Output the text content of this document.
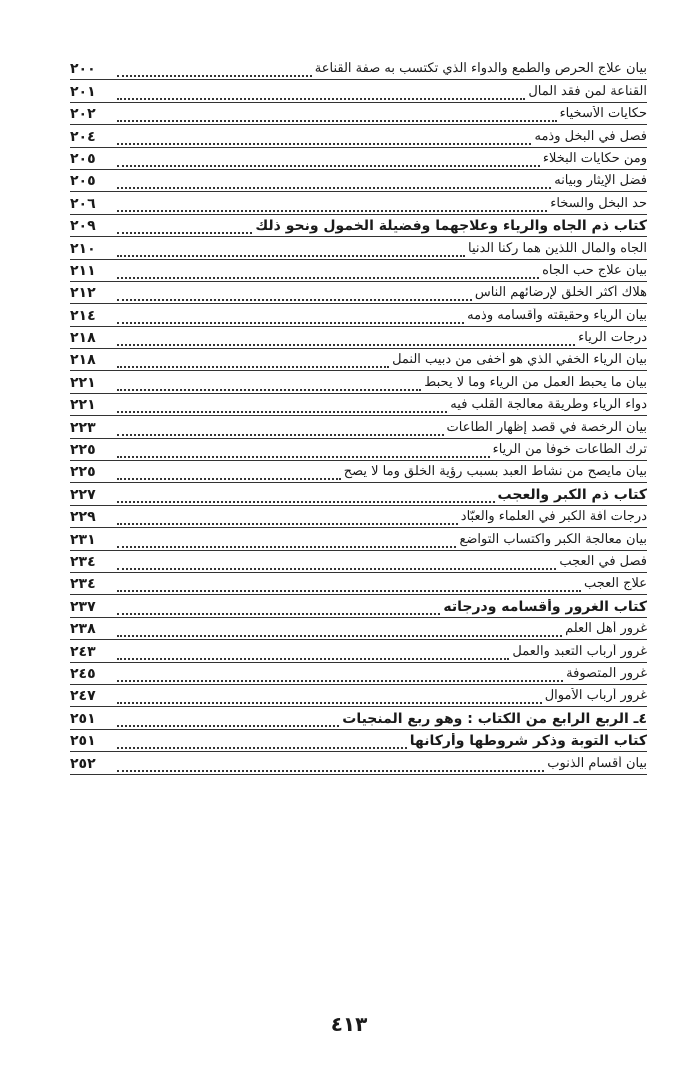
بيان علاج الحرص والطمع والدواء الذي تكتسب به صفة القناعة
٢٠٠
القناعة لمن فقد المال
٢٠١
حكايات الأسخياء
٢٠٢
فصل في البخل وذمه
٢٠٤
ومن حكايات البخلاء
٢٠٥
فضل الإيثار وبيانه
٢٠٥
حد البخل والسخاء
٢٠٦
كتاب ذم الجاه والرياء وعلاجهما وفضيلة الخمول ونحو ذلك
٢٠٩
الجاه والمال اللذين هما ركنا الدنيا
٢١٠
بيان علاج حب الجاه
٢١١
هلاك أكثر الخلق لإرضائهم الناس
٢١٢
بيان الرياء وحقيقته وأقسامه وذمه
٢١٤
درجات الرياء
٢١٨
بيان الرياء الخفي الذي هو أخفى من دبيب النمل
٢١٨
بيان ما يحبط العمل من الرياء وما لا يحبط
٢٢١
دواء الرياء وطريقة معالجة القلب فيه
٢٢١
بيان الرخصة في قصد إظهار الطاعات
٢٢٣
ترك الطاعات خوفاً من الرياء
٢٢٥
بيان مايصح من نشاط العبد بسبب رؤية الخلق وما لا يصح
٢٢٥
كتاب ذم الكبر والعجب
٢٢٧
درجات آفة الكبر في العلماء والعبّاد
٢٢٩
بيان معالجة الكبر واكتساب التواضع
٢٣١
فصل في العجب
٢٣٤
علاج العجب
٢٣٤
كتاب الغرور وأقسامه ودرجاته
٢٣٧
غرور أهل العلم
٢٣٨
غرور أرباب التعبد والعمل
٢٤٣
غرور المتصوفة
٢٤٥
غرور أرباب الأموال
٢٤٧
٤ـ الربع الرابع من الكتاب : وهو ربع المنجيات
٢٥١
كتاب التوبة وذكر شروطها وأركانها
٢٥١
بيان أقسام الذنوب
٢٥٢
٤١٣
